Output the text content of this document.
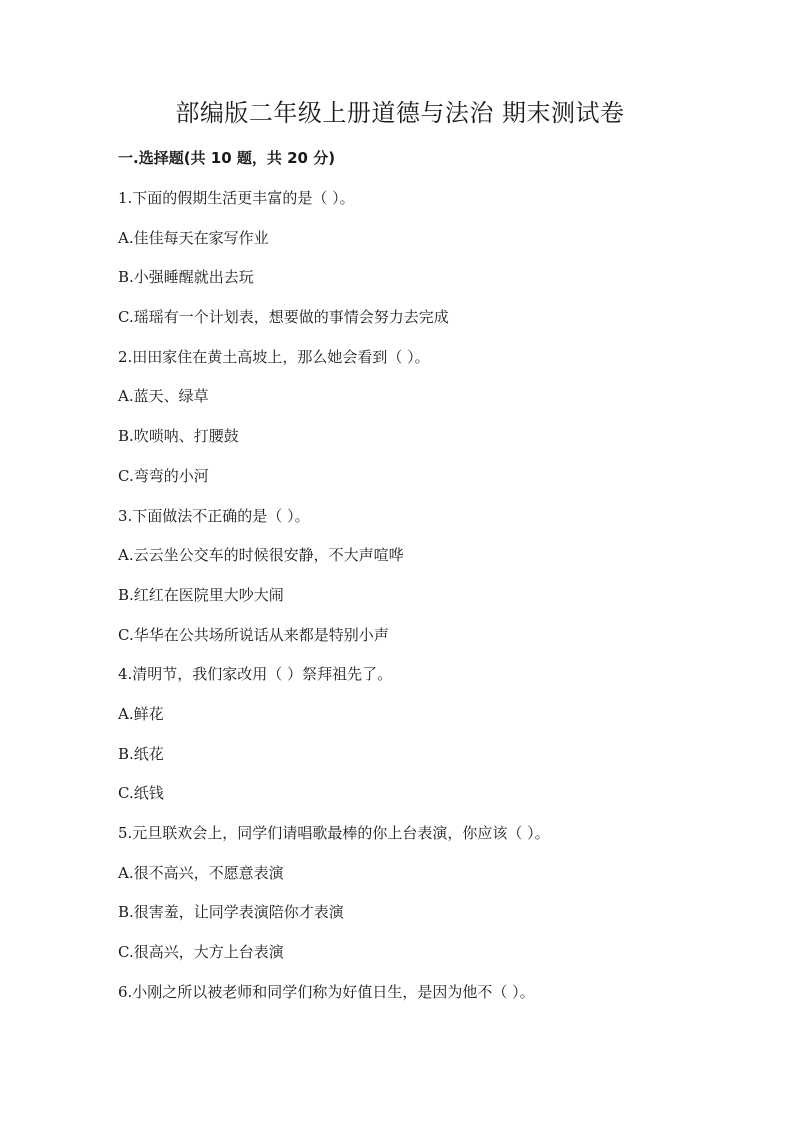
部编版二年级上册道德与法治 期末测试卷
一.选择题(共 10 题，共 20 分)
1.下面的假期生活更丰富的是（ ）。
A.佳佳每天在家写作业
B.小强睡醒就出去玩
C.瑶瑶有一个计划表，想要做的事情会努力去完成
2.田田家住在黄土高坡上，那么她会看到（ ）。
A.蓝天、绿草
B.吹唢呐、打腰鼓
C.弯弯的小河
3.下面做法不正确的是（ ）。
A.云云坐公交车的时候很安静，不大声喧哗
B.红红在医院里大吵大闹
C.华华在公共场所说话从来都是特别小声
4.清明节，我们家改用（ ）祭拜祖先了。
A.鲜花
B.纸花
C.纸钱
5.元旦联欢会上，同学们请唱歌最棒的你上台表演，你应该（ ）。
A.很不高兴，不愿意表演
B.很害羞，让同学表演陪你才表演
C.很高兴，大方上台表演
6.小刚之所以被老师和同学们称为好值日生，是因为他不（ ）。
